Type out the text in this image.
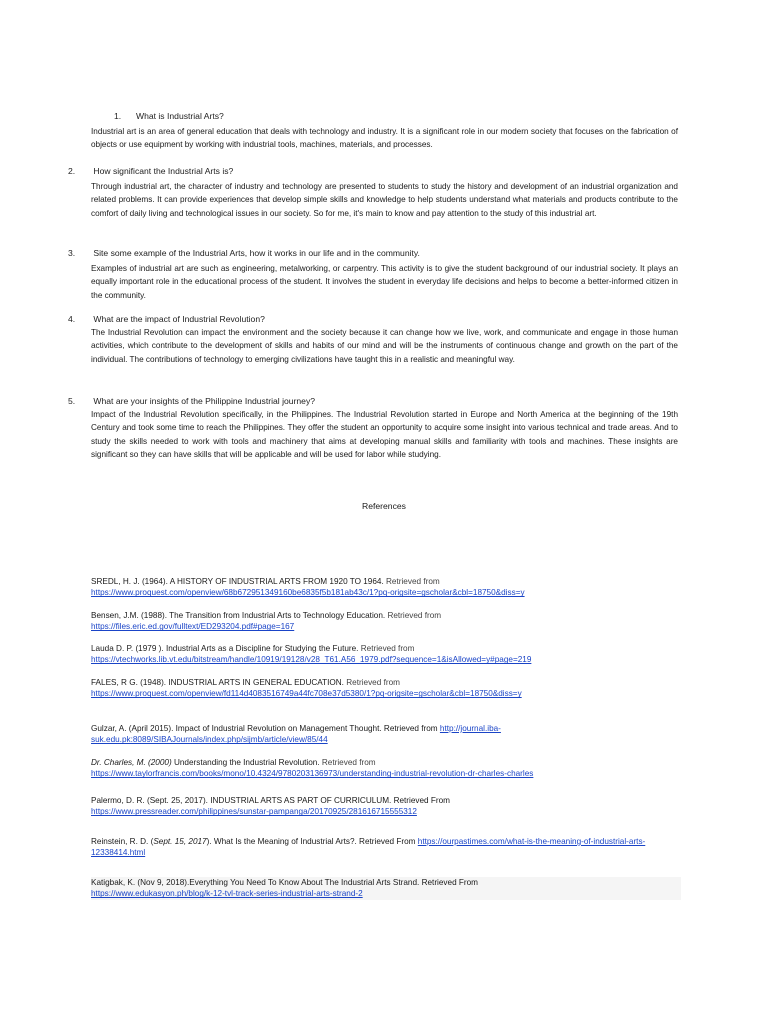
1. What is Industrial Arts?
Industrial art is an area of general education that deals with technology and industry. It is a significant role in our modern society that focuses on the fabrication of objects or use equipment by working with industrial tools, machines, materials, and processes.
2. How significant the Industrial Arts is?
Through industrial art, the character of industry and technology are presented to students to study the history and development of an industrial organization and related problems. It can provide experiences that develop simple skills and knowledge to help students understand what materials and products contribute to the comfort of daily living and technological issues in our society. So for me, it's main to know and pay attention to the study of this industrial art.
3. Site some example of the Industrial Arts, how it works in our life and in the community.
Examples of industrial art are such as engineering, metalworking, or carpentry. This activity is to give the student background of our industrial society. It plays an equally important role in the educational process of the student. It involves the student in everyday life decisions and helps to become a better-informed citizen in the community.
4. What are the impact of Industrial Revolution?
The Industrial Revolution can impact the environment and the society because it can change how we live, work, and communicate and engage in those human activities, which contribute to the development of skills and habits of our mind and will be the instruments of continuous change and growth on the part of the individual. The contributions of technology to emerging civilizations have taught this in a realistic and meaningful way.
5. What are your insights of the Philippine Industrial journey?
Impact of the Industrial Revolution specifically, in the Philippines. The Industrial Revolution started in Europe and North America at the beginning of the 19th Century and took some time to reach the Philippines. They offer the student an opportunity to acquire some insight into various technical and trade areas. And to study the skills needed to work with tools and machinery that aims at developing manual skills and familiarity with tools and machines. These insights are significant so they can have skills that will be applicable and will be used for labor while studying.
References
SREDL, H. J. (1964). A HISTORY OF INDUSTRIAL ARTS FROM 1920 TO 1964. Retrieved from
https://www.proquest.com/openview/68b672951349160be6835f5b181ab43c/1?pq-origsite=gscholar&cbl=18750&diss=y
Bensen, J.M. (1988). The Transition from Industrial Arts to Technology Education. Retrieved from
https://files.eric.ed.gov/fulltext/ED293204.pdf#page=167
Lauda D. P. (1979 ). Industrial Arts as a Discipline for Studying the Future. Retrieved from
https://vtechworks.lib.vt.edu/bitstream/handle/10919/19128/v28_T61.A56_1979.pdf?sequence=1&isAllowed=y#page=219
FALES, R G. (1948). INDUSTRIAL ARTS IN GENERAL EDUCATION. Retrieved from
https://www.proquest.com/openview/fd114d4083516749a44fc708e37d5380/1?pq-origsite=gscholar&cbl=18750&diss=y
Gulzar, A. (April 2015). Impact of Industrial Revolution on Management Thought. Retrieved from http://journal.iba-suk.edu.pk:8089/SIBAJournals/index.php/sijmb/article/view/85/44
Dr. Charles, M. (2000) Understanding the Industrial Revolution. Retrieved from
https://www.taylorfrancis.com/books/mono/10.4324/9780203136973/understanding-industrial-revolution-dr-charles-charles
Palermo, D. R. (Sept. 25, 2017). INDUSTRIAL ARTS AS PART OF CURRICULUM. Retrieved From
https://www.pressreader.com/philippines/sunstar-pampanga/20170925/281616715555312
Reinstein, R. D. (Sept. 15, 2017). What Is the Meaning of Industrial Arts?. Retrieved From https://ourpastimes.com/what-is-the-meaning-of-industrial-arts-12338414.html
Katigbak, K. (Nov 9, 2018).Everything You Need To Know About The Industrial Arts Strand. Retrieved From
https://www.edukasyon.ph/blog/k-12-tvl-track-series-industrial-arts-strand-2
